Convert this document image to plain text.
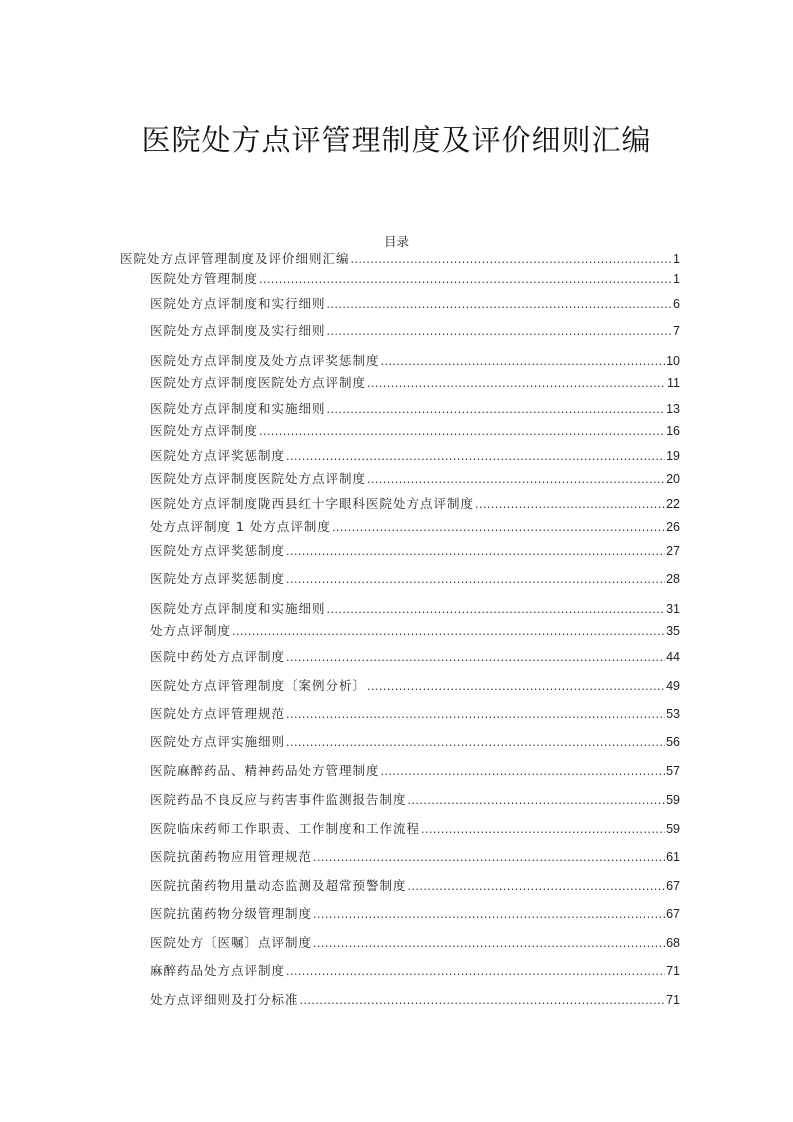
医院处方点评管理制度及评价细则汇编
目录
医院处方点评管理制度及评价细则汇编 .....	1
医院处方管理制度 .....	1
医院处方点评制度和实行细则 .....	6
医院处方点评制度及实行细则 .....	7
医院处方点评制度及处方点评奖惩制度 .....	10
医院处方点评制度医院处方点评制度 .....	11
医院处方点评制度和实施细则 .....	13
医院处方点评制度 .....	16
医院处方点评奖惩制度 .....	19
医院处方点评制度医院处方点评制度 .....	20
医院处方点评制度陇西县红十字眼科医院处方点评制度 .....	22
处方点评制度 1 处方点评制度 .....	26
医院处方点评奖惩制度 .....	27
医院处方点评奖惩制度 .....	28
医院处方点评制度和实施细则 .....	31
处方点评制度 .....	35
医院中药处方点评制度 .....	44
医院处方点评管理制度〔案例分析〕 .....	49
医院处方点评管理规范 .....	53
医院处方点评实施细则 .....	56
医院麻醉药品、精神药品处方管理制度 .....	57
医院药品不良反应与药害事件监测报告制度 .....	59
医院临床药师工作职责、工作制度和工作流程 .....	59
医院抗菌药物应用管理规范 .....	61
医院抗菌药物用量动态监测及超常预警制度 .....	67
医院抗菌药物分级管理制度 .....	67
医院处方〔医嘱〕点评制度 .....	68
麻醉药品处方点评制度 .....	71
处方点评细则及打分标准 .....	71
